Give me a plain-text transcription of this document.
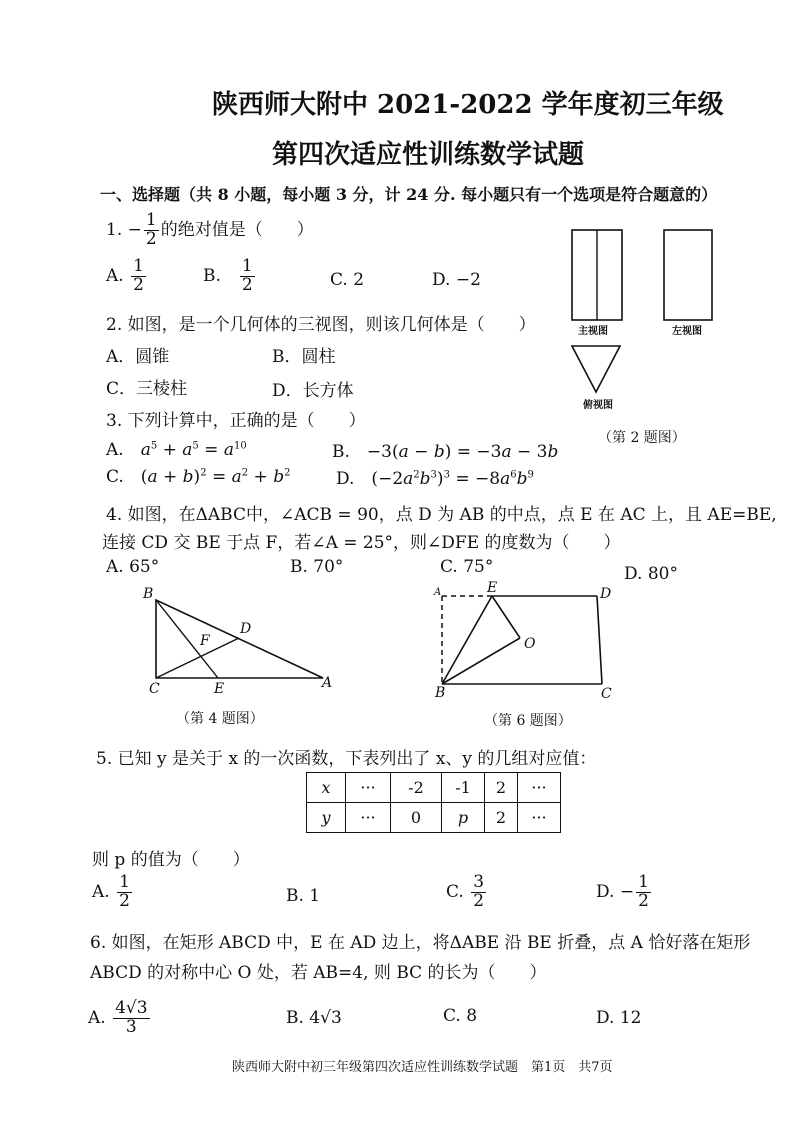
陕西师大附中 2021-2022 学年度初三年级
第四次适应性训练数学试题
一、选择题（共 8 小题，每小题 3 分，计 24 分. 每小题只有一个选项是符合题意的）
1. − $\frac{1}{2}$ 的绝对值是（　　）
A. $\frac{1}{2}$	B.　 $\frac{1}{2}$	C. 2	D. −2
2. 如图，是一个几何体的三视图，则该几何体是（　　）
A．圆锥	B．圆柱
C．三棱柱	D．长方体
主视图	左视图
俯视图
（第 2 题图）
3. 下列计算中，正确的是（　　）
A.　 $a^5 + a^5 = a^{10}$	B.　−3(a − b) = −3a − 3b
C.　$(a + b)^2 = a^2 + b^2$	D.　$(-2a^2b^3)^3 = -8a^6b^9$
4. 如图，在ΔABC中，∠ACB = 90，点 D 为 AB 的中点，点 E 在 AC 上，且 AE=BE,
连接 CD 交 BE 于点 F，若∠A = 25°，则∠DFE 的度数为（　　）
A. 65°	B. 70°	C. 75°	D. 80°
B
C	E	A
F
D
（第 4 题图）
A	E	D
O
B	C
（第 6 题图）
5. 已知 y 是关于 x 的一次函数，下表列出了 x、y 的几组对应值：
x	···	-2	-1	2	···
y	···	0	p	2	···
则 p 的值为（　　）
A. $\frac{1}{2}$	B. 1	C. $\frac{3}{2}$	D. − $\frac{1}{2}$
6. 如图，在矩形 ABCD 中，E 在 AD 边上，将ΔABE 沿 BE 折叠，点 A 恰好落在矩形
ABCD 的对称中心 O 处，若 AB=4, 则 BC 的长为（　　）
A. $\frac{4√3}{3}$	B. 4√3	C. 8	D. 12
陕西师大附中初三年级第四次适应性训练数学试题　第1页　共7页
